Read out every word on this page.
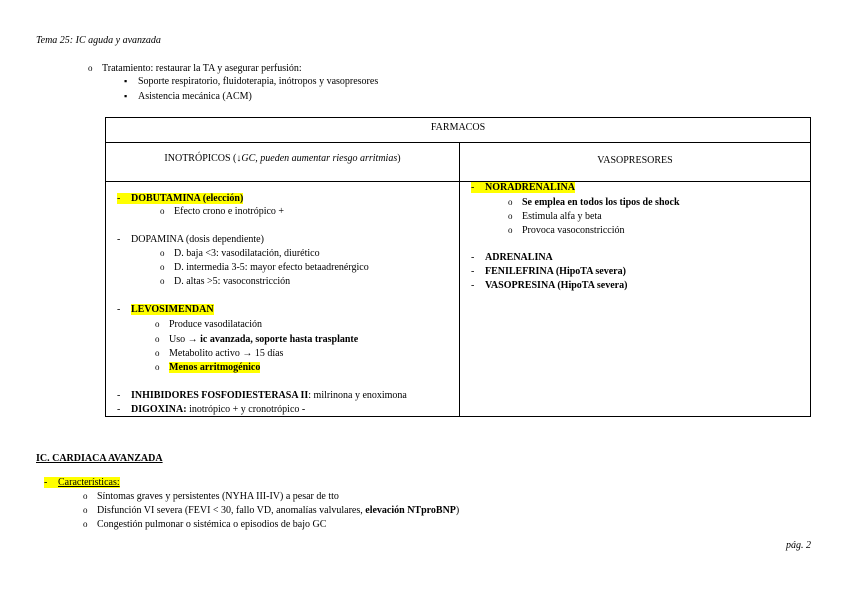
Tema 25: IC aguda y avanzada
o Tratamiento: restaurar la TA y asegurar perfusión:
▪ Soporte respiratorio, fluidoterapia, inótropos y vasopresores
▪ Asistencia mecánica (ACM)
FARMACOS
INOTRÓPICOS (↓GC, pueden aumentar riesgo arritmias)	VASOPRESORES
- DOBUTAMINA (elección)
o Efecto crono e inotrópico +
- DOPAMINA (dosis dependiente)
o D. baja <3: vasodilatación, diurético
o D. intermedia 3-5: mayor efecto betaadrenérgico
o D. altas >5: vasoconstricción
- LEVOSIMENDAN
o Produce vasodilatación
o Uso → ic avanzada, soporte hasta trasplante
o Metabolito activo → 15 días
o Menos arritmogénico
- INHIBIDORES FOSFODIESTERASA II: milrinona y enoximona
- DIGOXINA: inotrópico + y cronotrópico -
- NORADRENALINA
o Se emplea en todos los tipos de shock
o Estimula alfa y beta
o Provoca vasoconstricción
- ADRENALINA
- FENILEFRINA (HipoTA severa)
- VASOPRESINA (HipoTA severa)
IC. CARDIACA AVANZADA
- Características:
o Síntomas graves y persistentes (NYHA III-IV) a pesar de tto
o Disfunción VI severa (FEVI < 30, fallo VD, anomalías valvulares, elevación NTproBNP)
o Congestión pulmonar o sistémica o episodios de bajo GC
pág. 2
